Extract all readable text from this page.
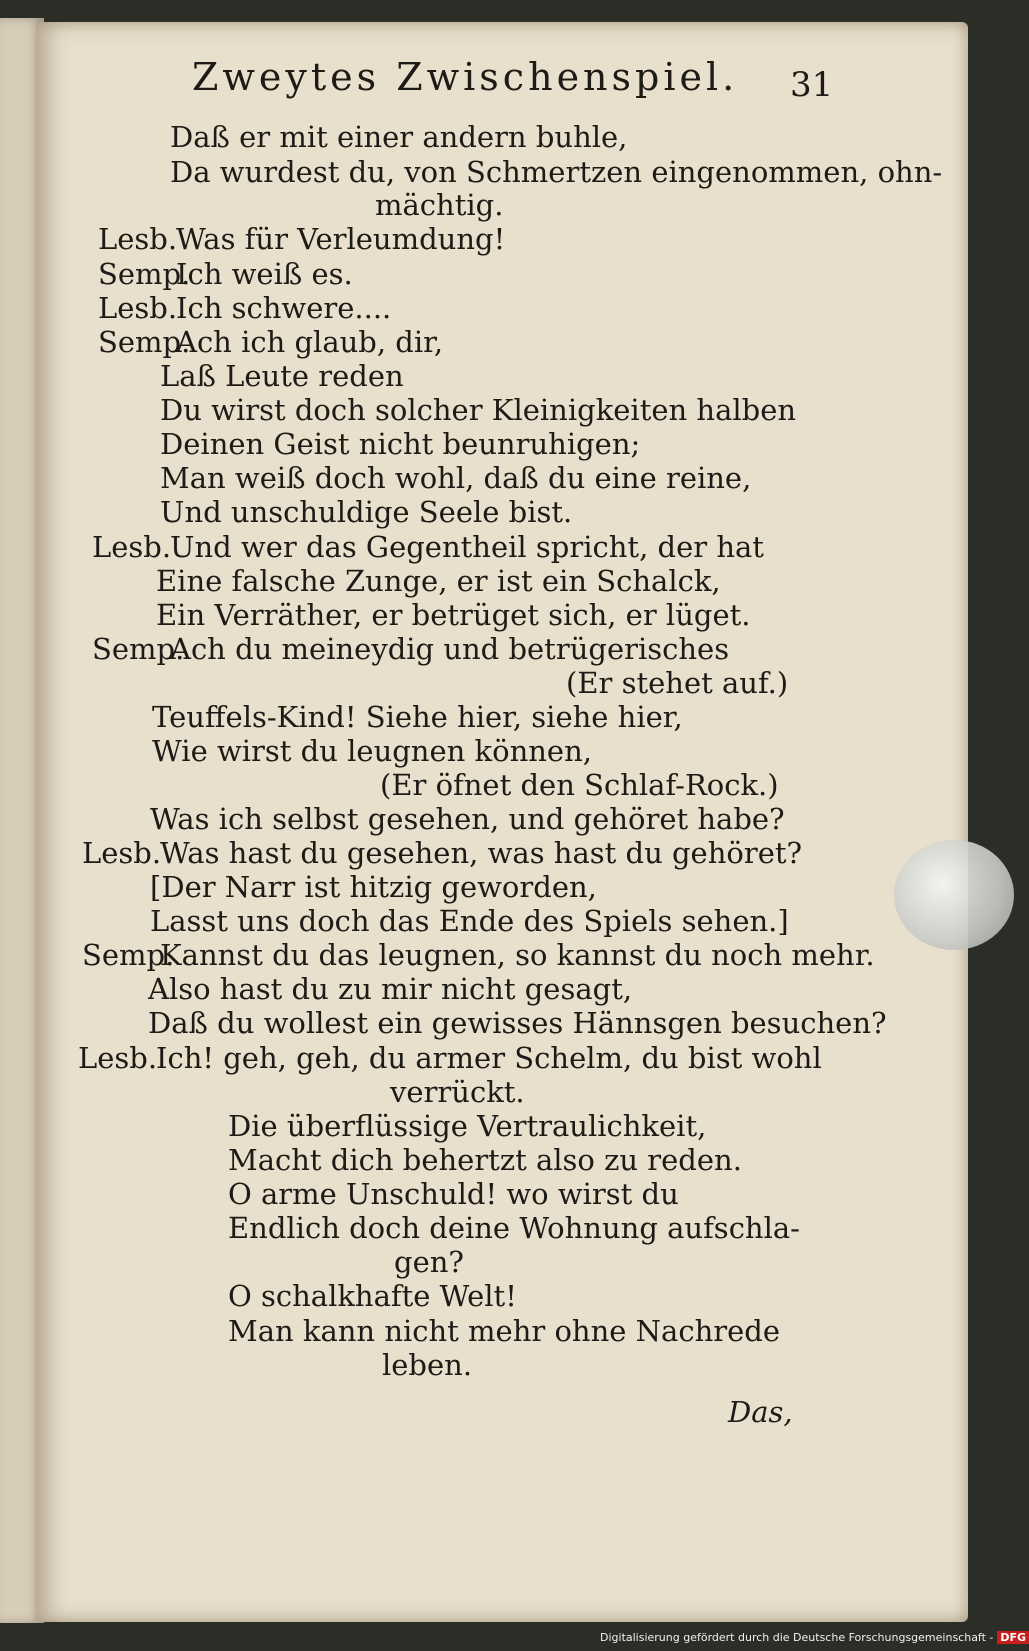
Zweytes Zwischenspiel. 31
Daß er mit einer andern buhle,
Da wurdest du, von Schmertzen eingenommen, ohn-
mächtig.
Lesb.Was für Verleumdung!
Semp.Ich weiß es.
Lesb.Ich schwere....
Semp.Ach ich glaub, dir,
Laß Leute reden
Du wirst doch solcher Kleinigkeiten halben
Deinen Geist nicht beunruhigen;
Man weiß doch wohl, daß du eine reine,
Und unschuldige Seele bist.
Lesb.Und wer das Gegentheil spricht, der hat
Eine falsche Zunge, er ist ein Schalck,
Ein Verräther, er betrüget sich, er lüget.
Semp.Ach du meineydig und betrügerisches
(Er stehet auf.)
Teuffels-Kind! Siehe hier, siehe hier,
Wie wirst du leugnen können,
(Er öfnet den Schlaf-Rock.)
Was ich selbst gesehen, und gehöret habe?
Lesb.Was hast du gesehen, was hast du gehöret?
[Der Narr ist hitzig geworden,
Lasst uns doch das Ende des Spiels sehen.]
Semp.Kannst du das leugnen, so kannst du noch mehr.
Also hast du zu mir nicht gesagt,
Daß du wollest ein gewisses Hännsgen besuchen?
Lesb.Ich! geh, geh, du armer Schelm, du bist wohl
verrückt.
Die überflüssige Vertraulichkeit,
Macht dich behertzt also zu reden.
O arme Unschuld! wo wirst du
Endlich doch deine Wohnung aufschla-
gen?
O schalkhafte Welt!
Man kann nicht mehr ohne Nachrede
leben.
Das,
Digitalisierung gefördert durch die Deutsche Forschungsgemeinschaft - DFG
